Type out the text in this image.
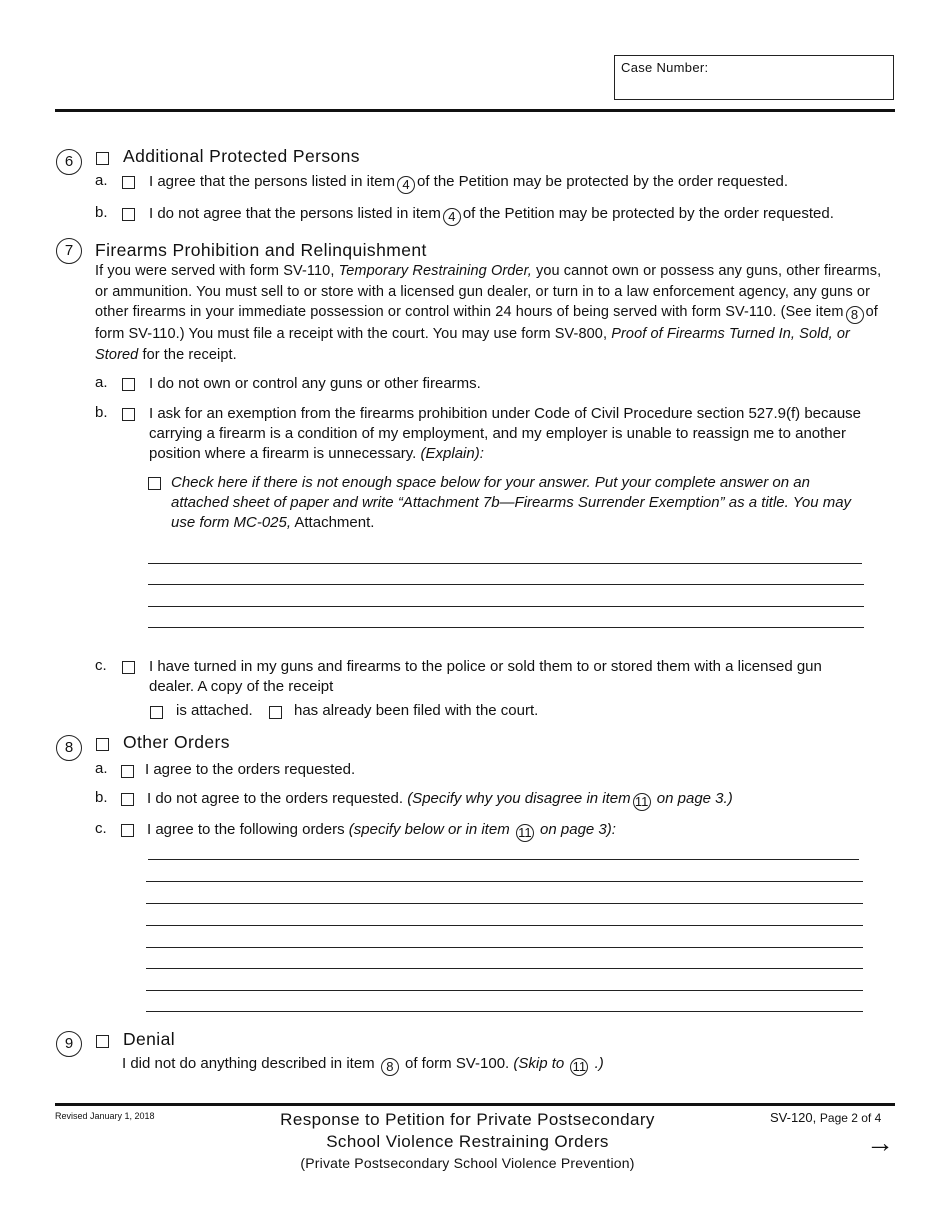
Case Number:
6	Additional Protected Persons
a.	I agree that the persons listed in item 4 of the Petition may be protected by the order requested.
b.	I do not agree that the persons listed in item 4 of the Petition may be protected by the order requested.
7	Firearms Prohibition and Relinquishment
If you were served with form SV-110, Temporary Restraining Order, you cannot own or possess any guns, other firearms, or ammunition. You must sell to or store with a licensed gun dealer, or turn in to a law enforcement agency, any guns or other firearms in your immediate possession or control within 24 hours of being served with form SV-110. (See item 8 of form SV-110.) You must file a receipt with the court. You may use form SV-800, Proof of Firearms Turned In, Sold, or Stored for the receipt.
a.	I do not own or control any guns or other firearms.
b.	I ask for an exemption from the firearms prohibition under Code of Civil Procedure section 527.9(f) because carrying a firearm is a condition of my employment, and my employer is unable to reassign me to another position where a firearm is unnecessary. (Explain):
Check here if there is not enough space below for your answer. Put your complete answer on an attached sheet of paper and write “Attachment 7b—Firearms Surrender Exemption” as a title. You may use form MC-025, Attachment.
c.	I have turned in my guns and firearms to the police or sold them to or stored them with a licensed gun dealer. A copy of the receipt
is attached.	has already been filed with the court.
8	Other Orders
a. I agree to the orders requested.
b.	I do not agree to the orders requested. (Specify why you disagree in item 11 on page 3.)
c.	I agree to the following orders (specify below or in item 11 on page 3):
9	Denial
I did not do anything described in item 8 of form SV-100. (Skip to 11 .)
Revised January 1, 2018	Response to Petition for Private Postsecondary
School Violence Restraining Orders
(Private Postsecondary School Violence Prevention)
SV-120, Page 2 of 4
→
